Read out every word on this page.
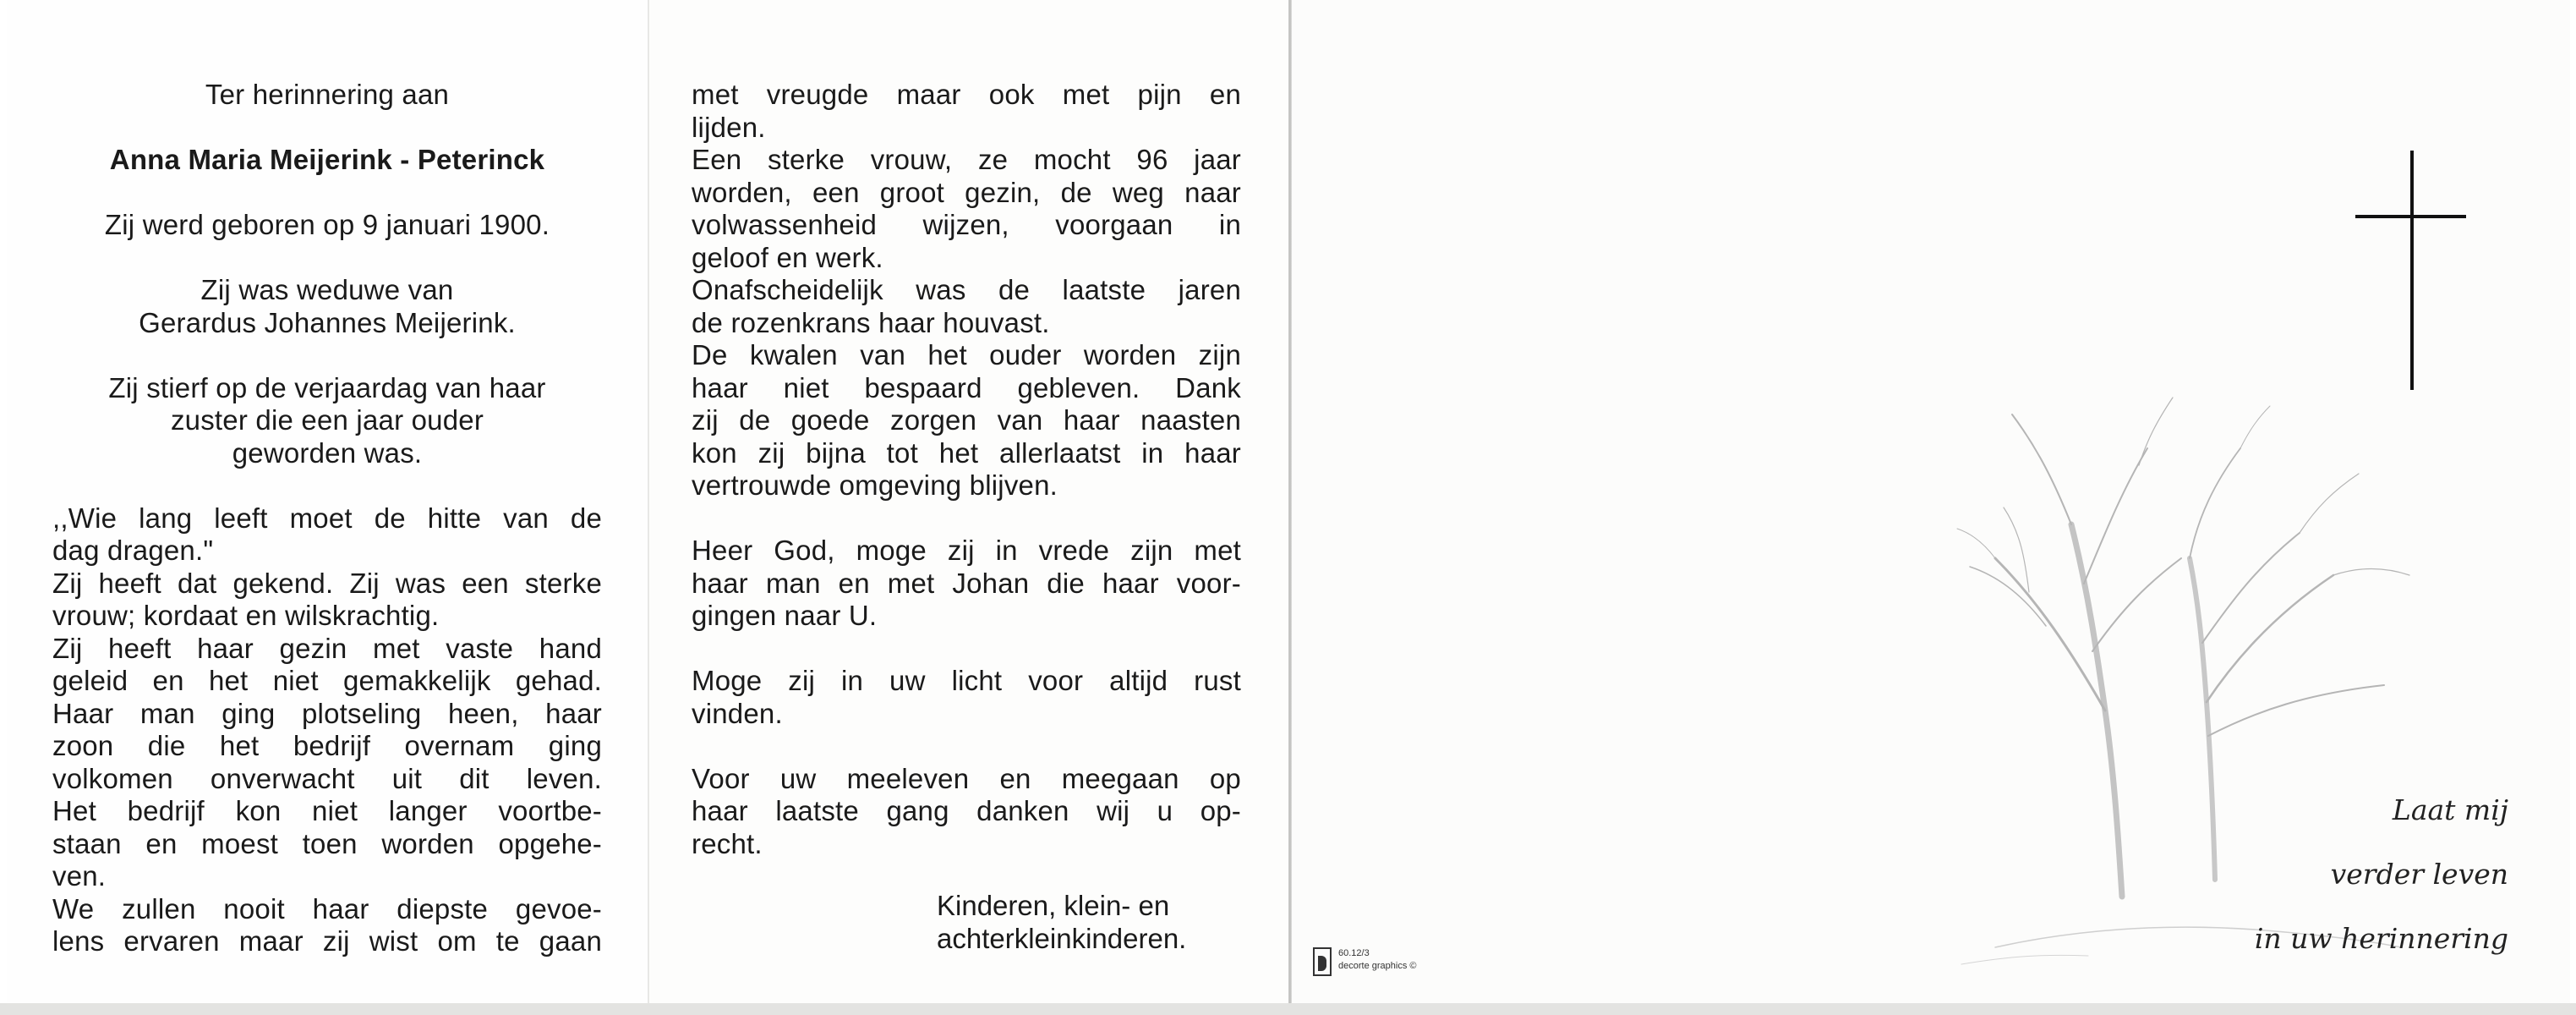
Ter herinnering aan

Anna Maria Meijerink - Peterinck

Zij werd geboren op 9 januari 1900.

Zij was weduwe van

Gerardus Johannes Meijerink.

Zij stierf op de verjaardag van haar

zuster die een jaar ouder

geworden was.

,,Wie lang leeft moet de hitte van de

dag dragen."

Zij heeft dat gekend. Zij was een sterke

vrouw; kordaat en wilskrachtig.

Zij heeft haar gezin met vaste hand

geleid en het niet gemakkelijk gehad.

Haar man ging plotseling heen, haar

zoon die het bedrijf overnam ging

volkomen onverwacht uit dit leven.

Het bedrijf kon niet langer voortbe-

staan en moest toen worden opgehe-

ven.

We zullen nooit haar diepste gevoe-

lens ervaren maar zij wist om te gaan

met vreugde maar ook met pijn en

lijden.

Een sterke vrouw, ze mocht 96 jaar

worden, een groot gezin, de weg naar

volwassenheid wijzen, voorgaan in

geloof en werk.

Onafscheidelijk was de laatste jaren

de rozenkrans haar houvast.

De kwalen van het ouder worden zijn

haar niet bespaard gebleven. Dank

zij de goede zorgen van haar naasten

kon zij bijna tot het allerlaatst in haar

vertrouwde omgeving blijven.

Heer God, moge zij in vrede zijn met

haar man en met Johan die haar voor-

gingen naar U.

Moge zij in uw licht voor altijd rust

vinden.

Voor uw meeleven en meegaan op

haar laatste gang danken wij u op-

recht.

Kinderen, klein- en

achterkleinkinderen.

Laat mij
verder leven
in uw herinnering
60.12/3
decorte graphics ©
